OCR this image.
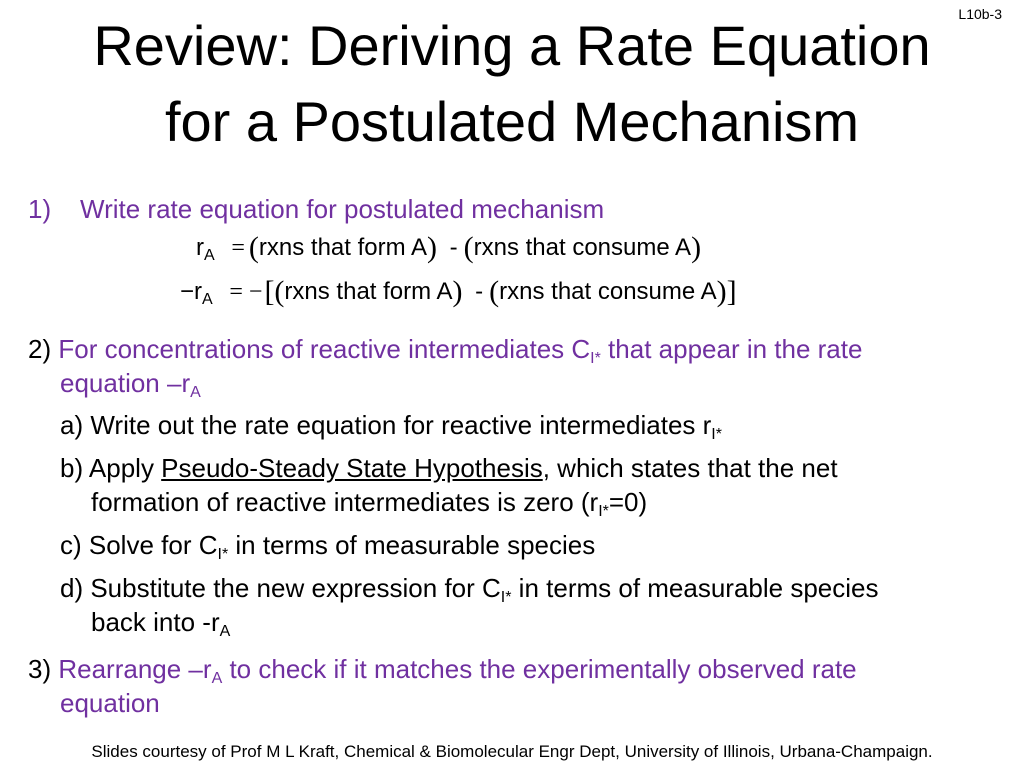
L10b-3
Review: Deriving a Rate Equation
for a Postulated Mechanism
1) Write rate equation for postulated mechanism
$r_A$ = (rxns that form A) - (rxns that consume A)
$-r_A$ = −[(rxns that form A) - (rxns that consume A)]
2) For concentrations of reactive intermediates $C_{I*}$ that appear in the rate
equation $-r_A$
a) Write out the rate equation for reactive intermediates $r_{I*}$
b) Apply Pseudo-Steady State Hypothesis, which states that the net
formation of reactive intermediates is zero $(r_{I*}=0)$
c) Solve for $C_{I*}$ in terms of measurable species
d) Substitute the new expression for $C_{I*}$ in terms of measurable species
back into $-r_A$
3) Rearrange $-r_A$ to check if it matches the experimentally observed rate
equation
Slides courtesy of Prof M L Kraft, Chemical & Biomolecular Engr Dept, University of Illinois, Urbana-Champaign.
